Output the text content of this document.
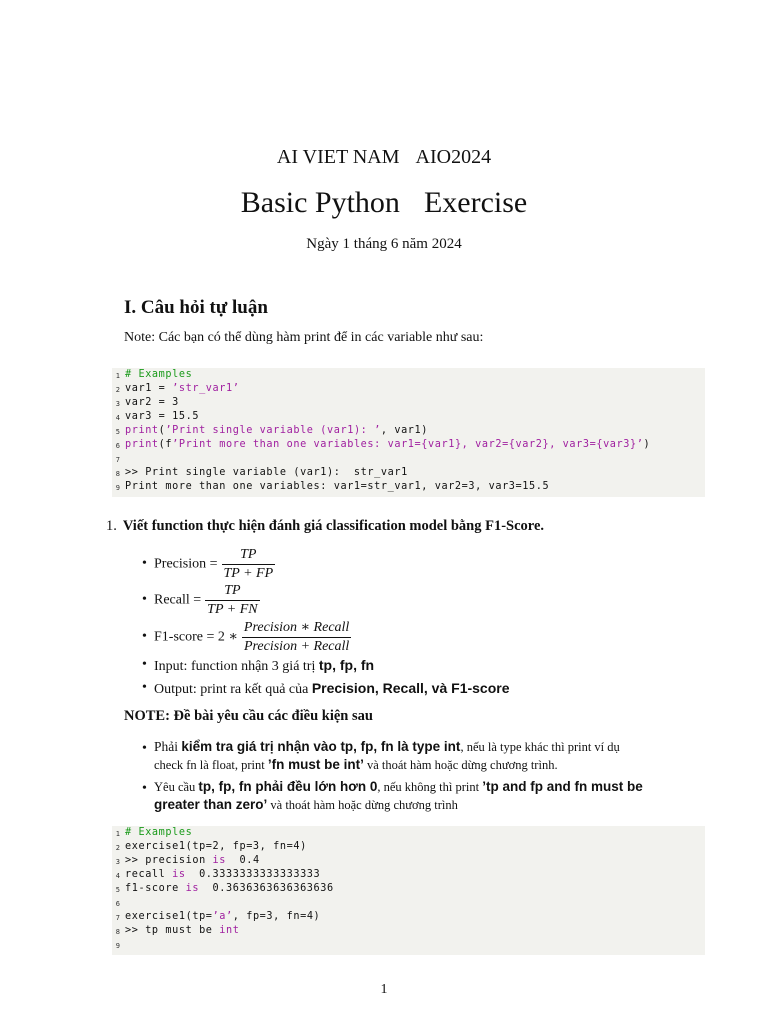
AI VIET NAM AIO2024
Basic Python Exercise
Ngày 1 tháng 6 năm 2024
I. Câu hỏi tự luận
Note: Các bạn có thể dùng hàm print để in các variable như sau:
1
2
3
4
5
6
7
8
9
# Examples
var1 = ’str_var1’
var2 = 3
var3 = 15.5
print(’Print single variable (var1): ’, var1)
print(f’Print more than one variables: var1={var1}, var2={var2}, var3={var3}’)
>> Print single variable (var1):  str_var1
Print more than one variables: var1=str_var1, var2=3, var3=15.5
1. Viết function thực hiện đánh giá classification model bằng F1-Score.
• Precision = $\frac{TP}{TP + FP}$
• Recall = $\frac{TP}{TP + FN}$
• F1-score = 2 ∗ $\frac{\text{Precision ∗ Recall}}{\text{Precision + Recall}}$
• Input: function nhận 3 giá trị tp, fp, fn
• Output: print ra kết quả của Precision, Recall, và F1-score
NOTE: Đề bài yêu cầu các điều kiện sau
• Phải kiểm tra giá trị nhận vào tp, fp, fn là type int, nếu là type khác thì print ví dụ
check fn là float, print ’fn must be int’ và thoát hàm hoặc dừng chương trình.
• Yêu cầu tp, fp, fn phải đều lớn hơn 0, nếu không thì print ’tp and fp and fn must be
greater than zero’ và thoát hàm hoặc dừng chương trình
1
2
3
4
5
6
7
8
9
# Examples
exercise1(tp=2, fp=3, fn=4)
>> precision is  0.4
recall is  0.3333333333333333
f1-score is  0.3636363636363636
exercise1(tp=’a’, fp=3, fn=4)
>> tp must be int
1
